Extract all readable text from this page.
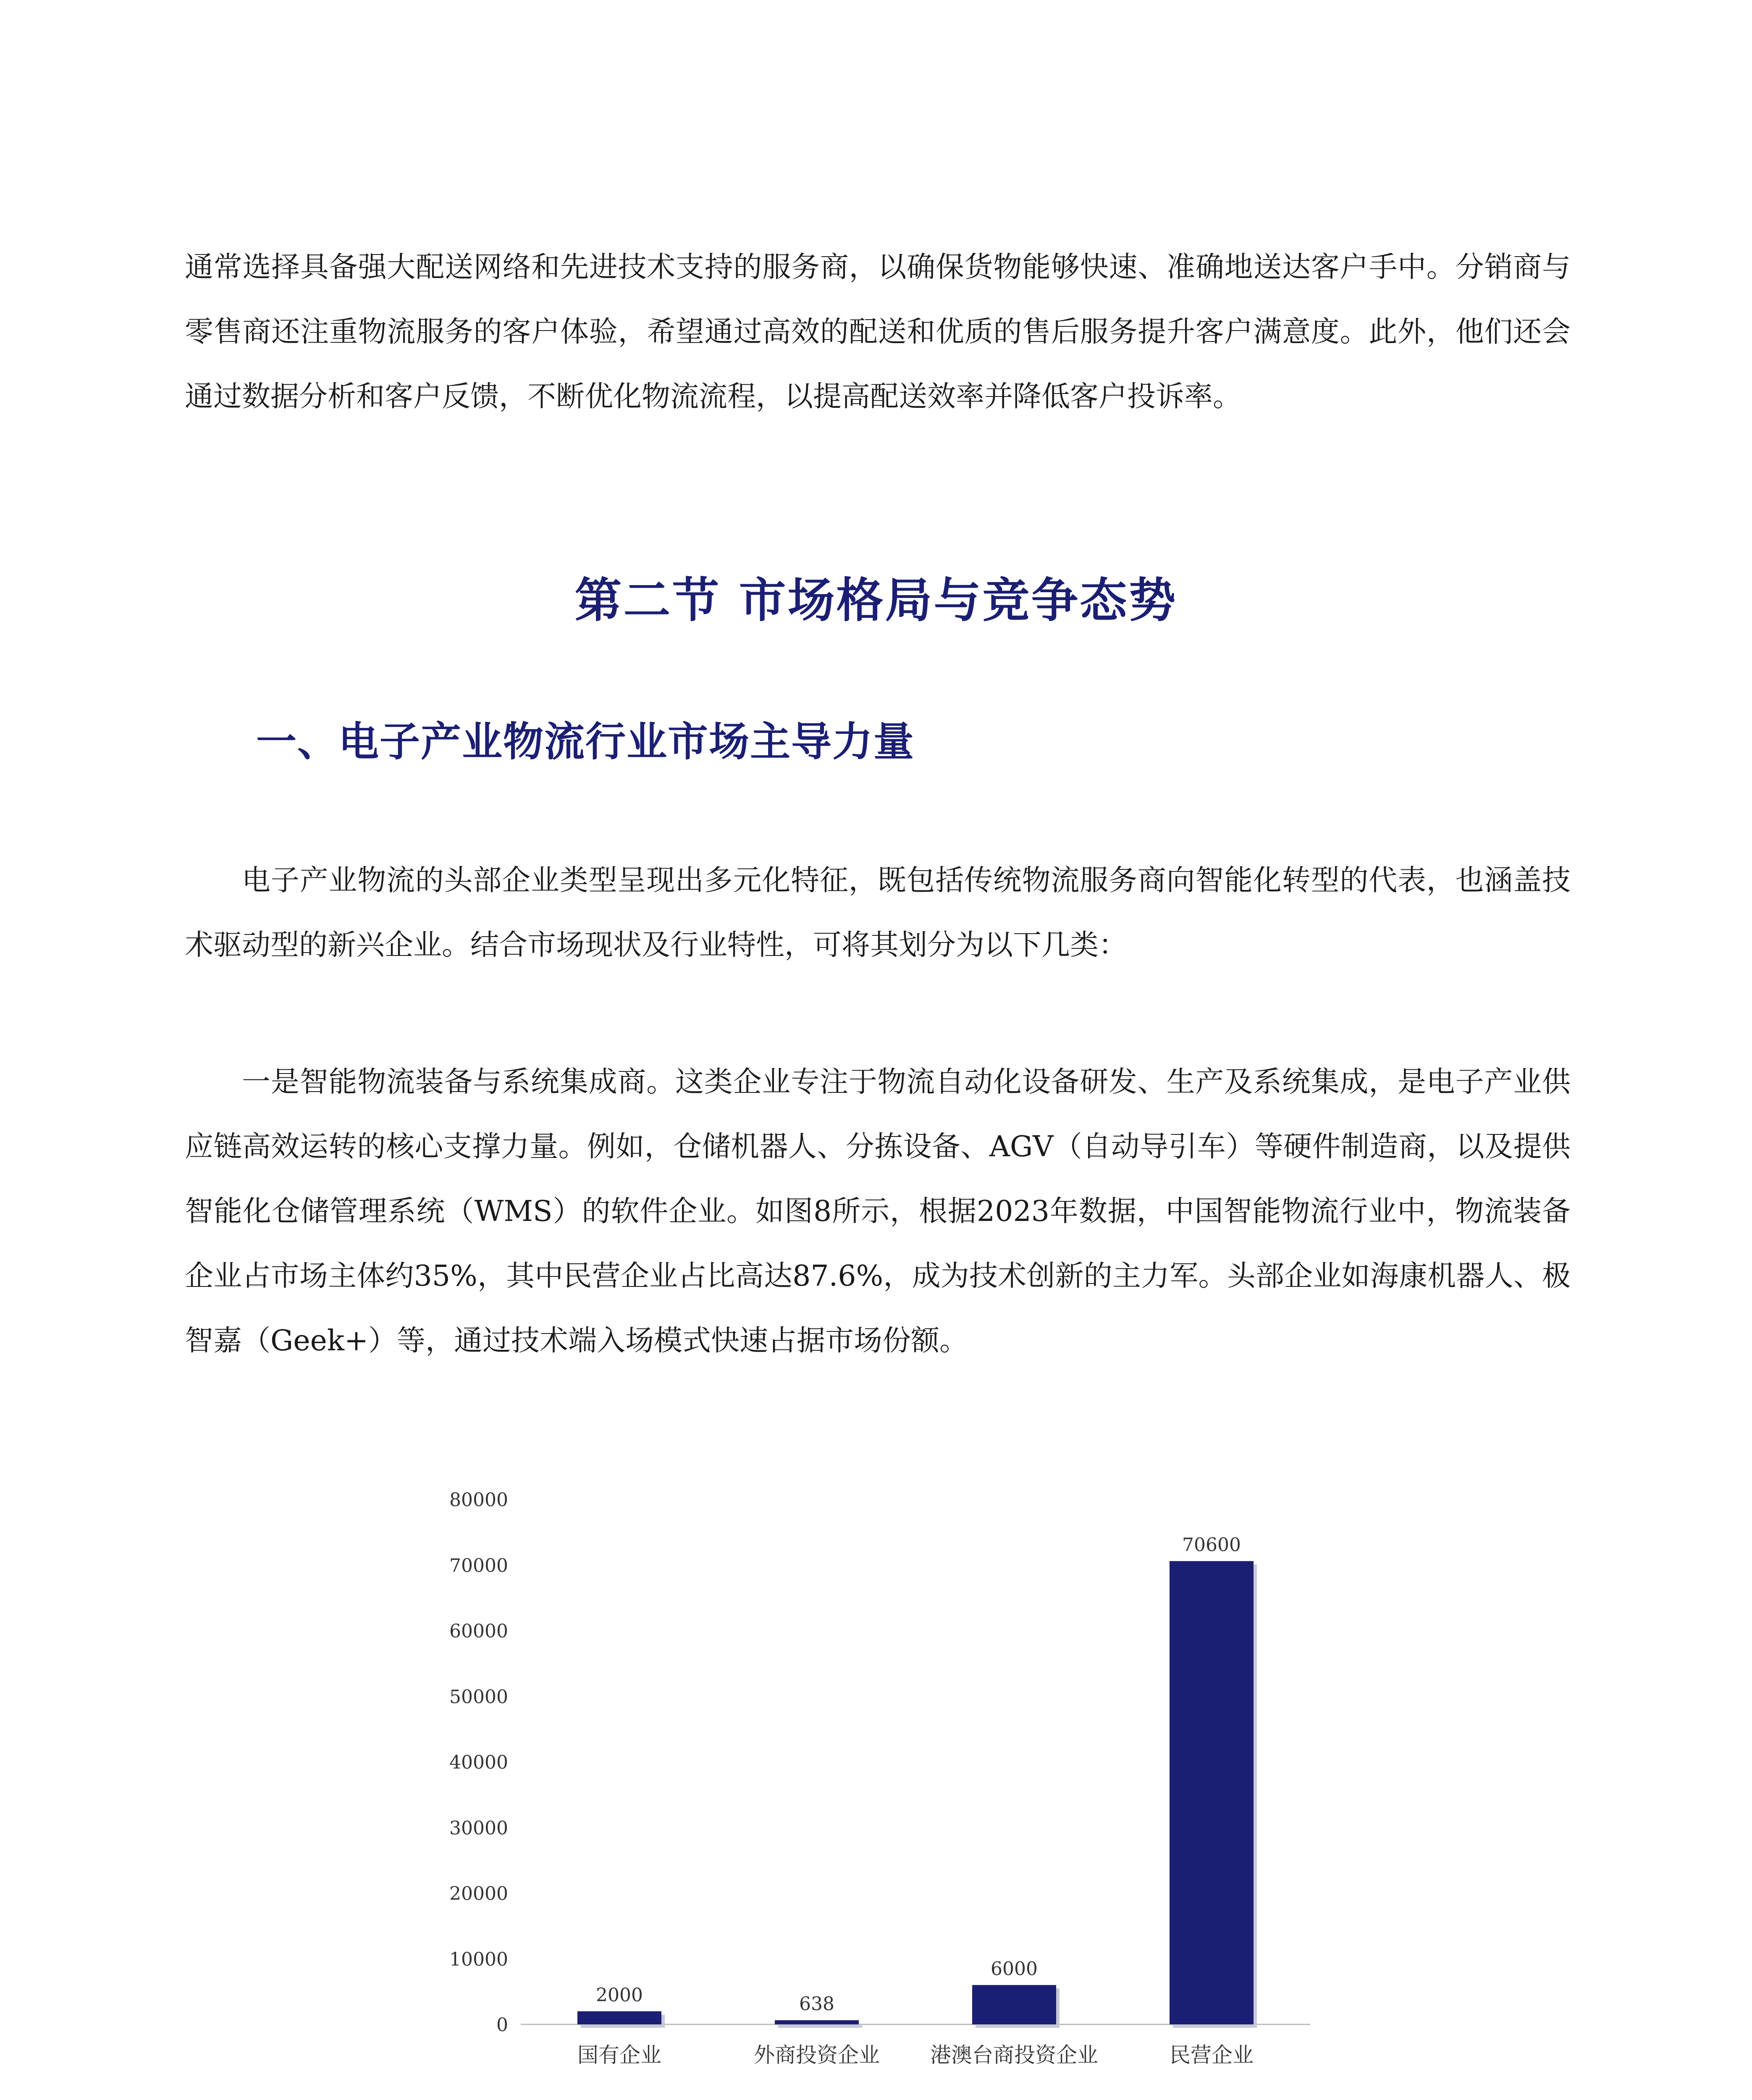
通常选择具备强大配送网络和先进技术支持的服务商，以确保货物能够快速、准确地送达客户手中。分销商与零售商还注重物流服务的客户体验，希望通过高效的配送和优质的售后服务提升客户满意度。此外，他们还会通过数据分析和客户反馈，不断优化物流流程，以提高配送效率并降低客户投诉率。

第二节 市场格局与竞争态势
一、电子产业物流行业市场主导力量

电子产业物流的头部企业类型呈现出多元化特征，既包括传统物流服务商向智能化转型的代表，也涵盖技术驱动型的新兴企业。结合市场现状及行业特性，可将其划分为以下几类：

一是智能物流装备与系统集成商。这类企业专注于物流自动化设备研发、生产及系统集成，是电子产业供应链高效运转的核心支撑力量。例如，仓储机器人、分拣设备、AGV（自动导引车）等硬件制造商，以及提供智能化仓储管理系统（WMS）的软件企业。如图8所示，根据2023年数据，中国智能物流行业中，物流装备企业占市场主体约35%，其中民营企业占比高达87.6%，成为技术创新的主力军。头部企业如海康机器人、极智嘉（Geek+）等，通过技术端入场模式快速占据市场份额。

0
10000
20000
30000
40000
50000
60000
70000
80000
2000
国有企业
638
外商投资企业
6000
港澳台商投资企业
70600
民营企业
